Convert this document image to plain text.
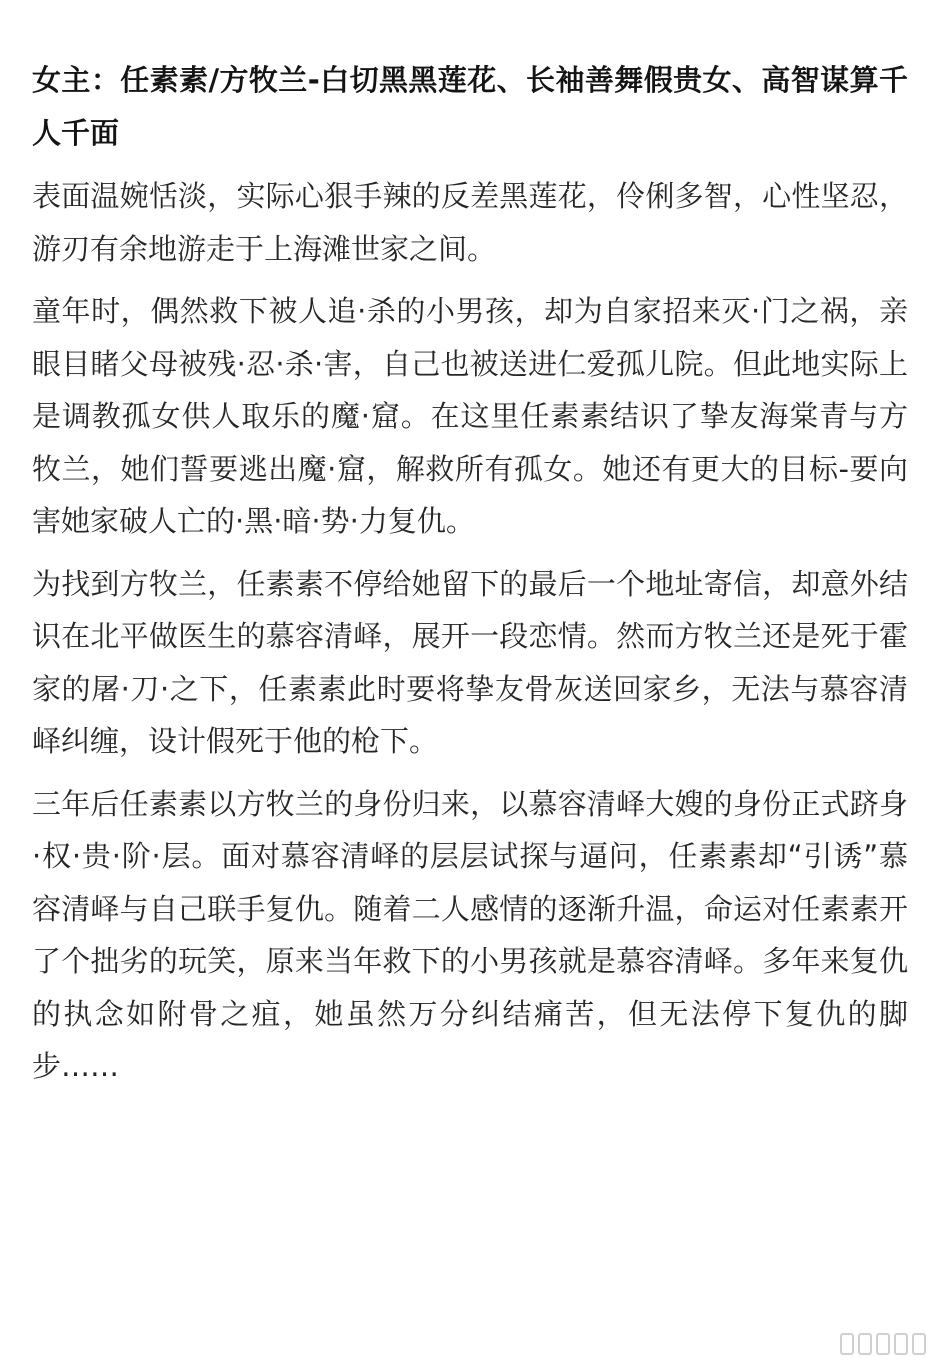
女主：任素素/方牧兰-白切黑黑莲花、长袖善舞假贵女、高智谋算千人千面
表面温婉恬淡，实际心狠手辣的反差黑莲花，伶俐多智，心性坚忍，游刃有余地游走于上海滩世家之间。
童年时，偶然救下被人追·杀的小男孩，却为自家招来灭·门之祸，亲眼目睹父母被残·忍·杀·害，自己也被送进仁爱孤儿院。但此地实际上是调教孤女供人取乐的魔·窟。在这里任素素结识了挚友海棠青与方牧兰，她们誓要逃出魔·窟，解救所有孤女。她还有更大的目标-要向害她家破人亡的·黑·暗·势·力复仇。
为找到方牧兰，任素素不停给她留下的最后一个地址寄信，却意外结识在北平做医生的慕容清峄，展开一段恋情。然而方牧兰还是死于霍家的屠·刀·之下，任素素此时要将挚友骨灰送回家乡，无法与慕容清峄纠缠，设计假死于他的枪下。
三年后任素素以方牧兰的身份归来，以慕容清峄大嫂的身份正式跻身·权·贵·阶·层。面对慕容清峄的层层试探与逼问，任素素却“引诱”慕容清峄与自己联手复仇。随着二人感情的逐渐升温，命运对任素素开了个拙劣的玩笑，原来当年救下的小男孩就是慕容清峄。多年来复仇的执念如附骨之疽，她虽然万分纠结痛苦，但无法停下复仇的脚步……
